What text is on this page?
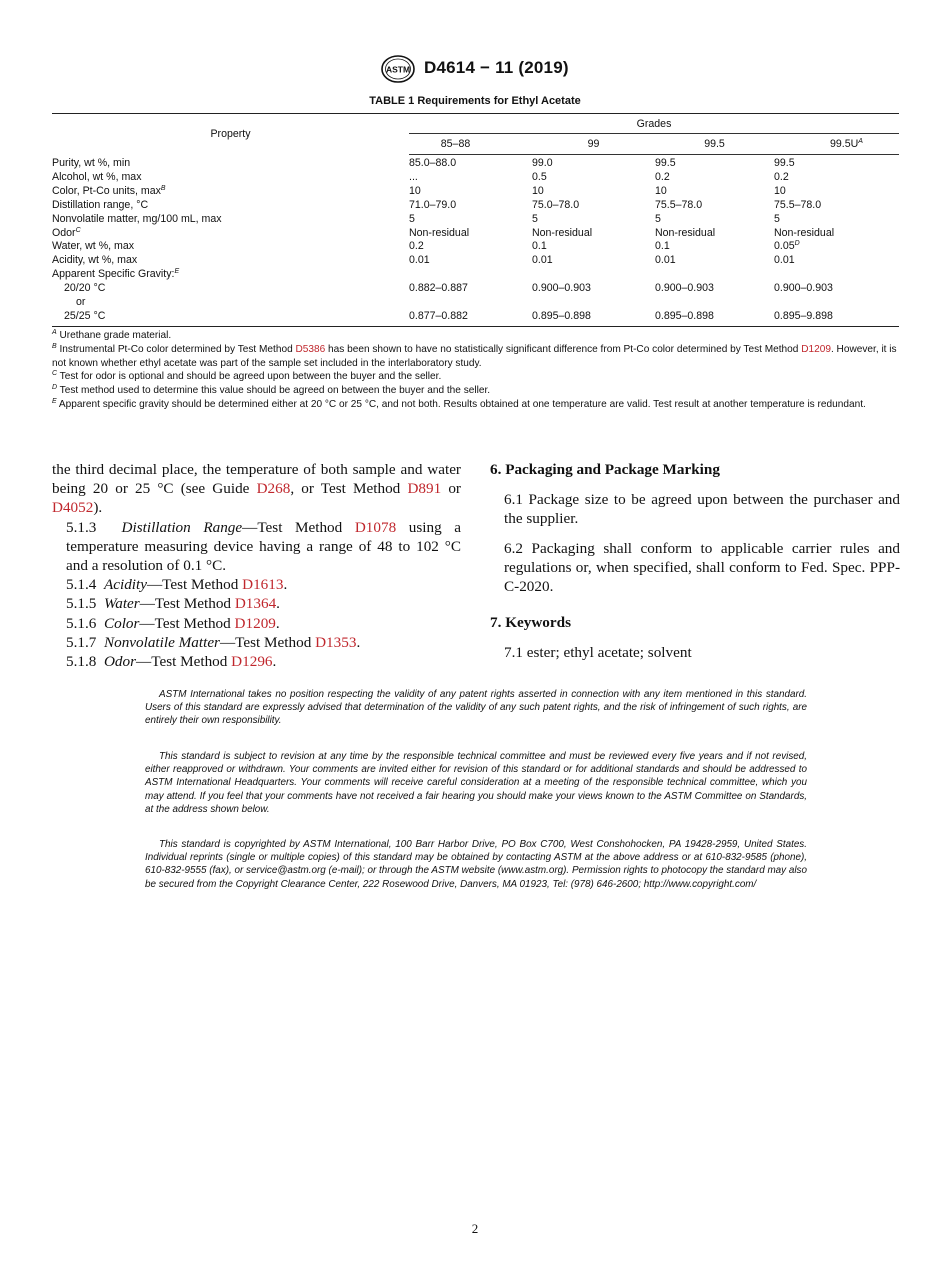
ASTM D4614 − 11 (2019)
TABLE 1 Requirements for Ethyl Acetate

Property	Grades			
	85–88	99	99.5	$99.5U^A$
Purity, wt %, min	85.0–88.0	99.0	99.5	99.5
Alcohol, wt %, max	...	0.5	0.2	0.2
Color, Pt-Co units, $\max^B$	10	10	10	10
Distillation range, °C	71.0–79.0	75.0–78.0	75.5–78.0	75.5–78.0
Nonvolatile matter, mg/100 mL, max	5	5	5	5
Odor$^C$	Non-residual	Non-residual	Non-residual	Non-residual
Water, wt %, max	0.2	0.1	0.1	$0.05^D$
Acidity, wt %, max	0.01	0.01	0.01	0.01
Apparent Specific Gravity:$^E$
20/20 °C	0.882–0.887	0.900–0.903	0.900–0.903	0.900–0.903
or				
25/25 °C	0.877–0.882	0.895–0.898	0.895–0.898	0.895–9.898

$^A$ Urethane grade material.

$^B$ Instrumental Pt-Co color determined by Test Method D5386 has been shown to have no statistically significant difference from Pt-Co color determined by Test Method D1209. However, it is not known whether ethyl acetate was part of the sample set included in the interlaboratory study.

$^C$ Test for odor is optional and should be agreed upon between the buyer and the seller.

$^D$ Test method used to determine this value should be agreed on between the buyer and the seller.

$^E$ Apparent specific gravity should be determined either at 20 °C or 25 °C, and not both. Results obtained at one temperature are valid. Test result at another temperature is redundant.

the third decimal place, the temperature of both sample and water being 20 or 25 °C (see Guide D268, or Test Method D891 or D4052).

5.1.3 Distillation Range—Test Method D1078 using a temperature measuring device having a range of 48 to 102 °C and a resolution of 0.1 °C.

5.1.4 Acidity—Test Method D1613.

5.1.5 Water—Test Method D1364.

5.1.6 Color—Test Method D1209.

5.1.7 Nonvolatile Matter—Test Method D1353.

5.1.8 Odor—Test Method D1296.

6. Packaging and Package Marking

6.1 Package size to be agreed upon between the purchaser and the supplier.

6.2 Packaging shall conform to applicable carrier rules and regulations or, when specified, shall conform to Fed. Spec. PPP-C-2020.

7. Keywords

7.1 ester; ethyl acetate; solvent

ASTM International takes no position respecting the validity of any patent rights asserted in connection with any item mentioned in this standard. Users of this standard are expressly advised that determination of the validity of any such patent rights, and the risk of infringement of such rights, are entirely their own responsibility.

This standard is subject to revision at any time by the responsible technical committee and must be reviewed every five years and if not revised, either reapproved or withdrawn. Your comments are invited either for revision of this standard or for additional standards and should be addressed to ASTM International Headquarters. Your comments will receive careful consideration at a meeting of the responsible technical committee, which you may attend. If you feel that your comments have not received a fair hearing you should make your views known to the ASTM Committee on Standards, at the address shown below.

This standard is copyrighted by ASTM International, 100 Barr Harbor Drive, PO Box C700, West Conshohocken, PA 19428-2959, United States. Individual reprints (single or multiple copies) of this standard may be obtained by contacting ASTM at the above address or at 610-832-9585 (phone), 610-832-9555 (fax), or service@astm.org (e-mail); or through the ASTM website (www.astm.org). Permission rights to photocopy the standard may also be secured from the Copyright Clearance Center, 222 Rosewood Drive, Danvers, MA 01923, Tel: (978) 646-2600; http://www.copyright.com/

2
